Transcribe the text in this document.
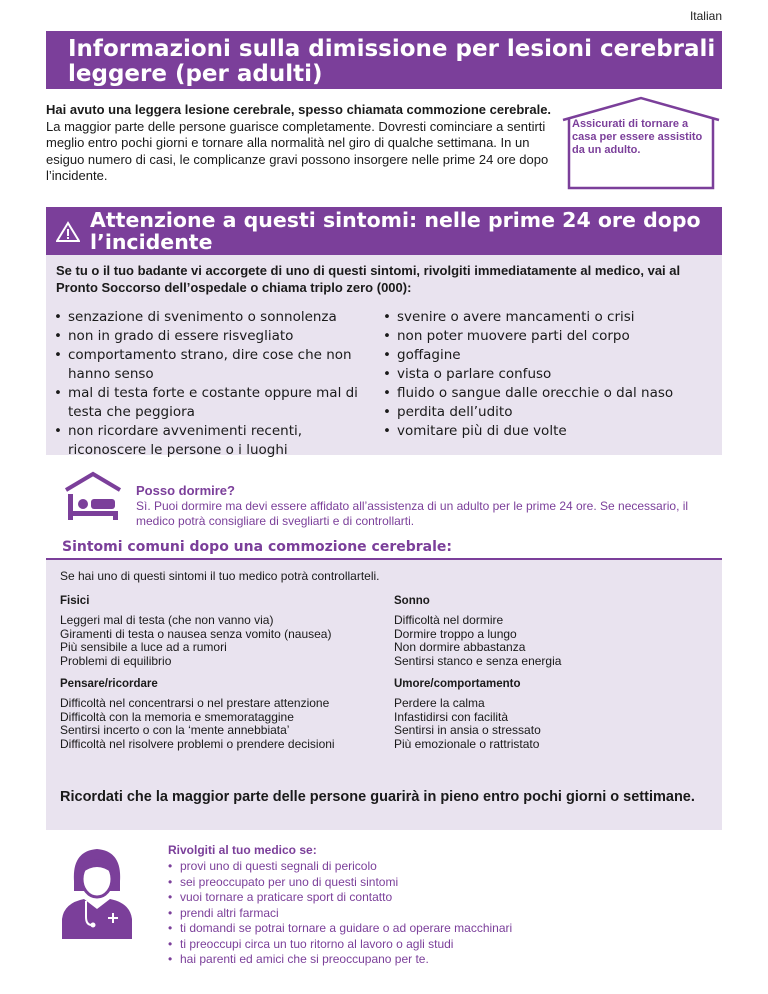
Italian
Informazioni sulla dimissione per lesioni cerebrali leggere (per adulti)
Hai avuto una leggera lesione cerebrale, spesso chiamata commozione cerebrale.
La maggior parte delle persone guarisce completamente. Dovresti cominciare a sentirti meglio entro pochi giorni e tornare alla normalità nel giro di qualche settimana. In un esiguo numero di casi, le complicanze gravi possono insorgere nelle prime 24 ore dopo l’incidente.
Assicurati di tornare a casa per essere assistito da un adulto.
Attenzione a questi sintomi: nelle prime 24 ore dopo l’incidente
Se tu o il tuo badante vi accorgete di uno di questi sintomi, rivolgiti immediatamente al medico, vai al Pronto Soccorso dell’ospedale o chiama triplo zero (000):
• senzazione di svenimento o sonnolenza
• non in grado di essere risvegliato
• comportamento strano, dire cose che non hanno senso
• mal di testa forte e costante oppure mal di testa che peggiora
• non ricordare avvenimenti recenti, riconoscere le persone o i luoghi
• svenire o avere mancamenti o crisi
• non poter muovere parti del corpo
• goffagine
• vista o parlare confuso
• fluido o sangue dalle orecchie o dal naso
• perdita dell’udito
• vomitare più di due volte
Posso dormire?
Sì. Puoi dormire ma devi essere affidato all’assistenza di un adulto per le prime 24 ore. Se necessario, il medico potrà consigliare di svegliarti e di controllarti.
Sintomi comuni dopo una commozione cerebrale:
Se hai uno di questi sintomi il tuo medico potrà controllarteli.
Fisici
Leggeri mal di testa (che non vanno via)
Giramenti di testa o nausea senza vomito (nausea)
Più sensibile a luce ad a rumori
Problemi di equilibrio
Sonno
Difficoltà nel dormire
Dormire troppo a lungo
Non dormire abbastanza
Sentirsi stanco e senza energia
Pensare/ricordare
Difficoltà nel concentrarsi o nel prestare attenzione
Difficoltà con la memoria e smemorataggine
Sentirsi incerto o con la ‘mente annebbiata’
Difficoltà nel risolvere problemi o prendere decisioni
Umore/comportamento
Perdere la calma
Infastidirsi con facilità
Sentirsi in ansia o stressato
Più emozionale o rattristato
Ricordati che la maggior parte delle persone guarirà in pieno entro pochi giorni o settimane.
Rivolgiti al tuo medico se:
• provi uno di questi segnali di pericolo
• sei preoccupato per uno di questi sintomi
• vuoi tornare a praticare sport di contatto
• prendi altri farmaci
• ti domandi se potrai tornare a guidare o ad operare macchinari
• ti preoccupi circa un tuo ritorno al lavoro o agli studi
• hai parenti ed amici che si preoccupano per te.
